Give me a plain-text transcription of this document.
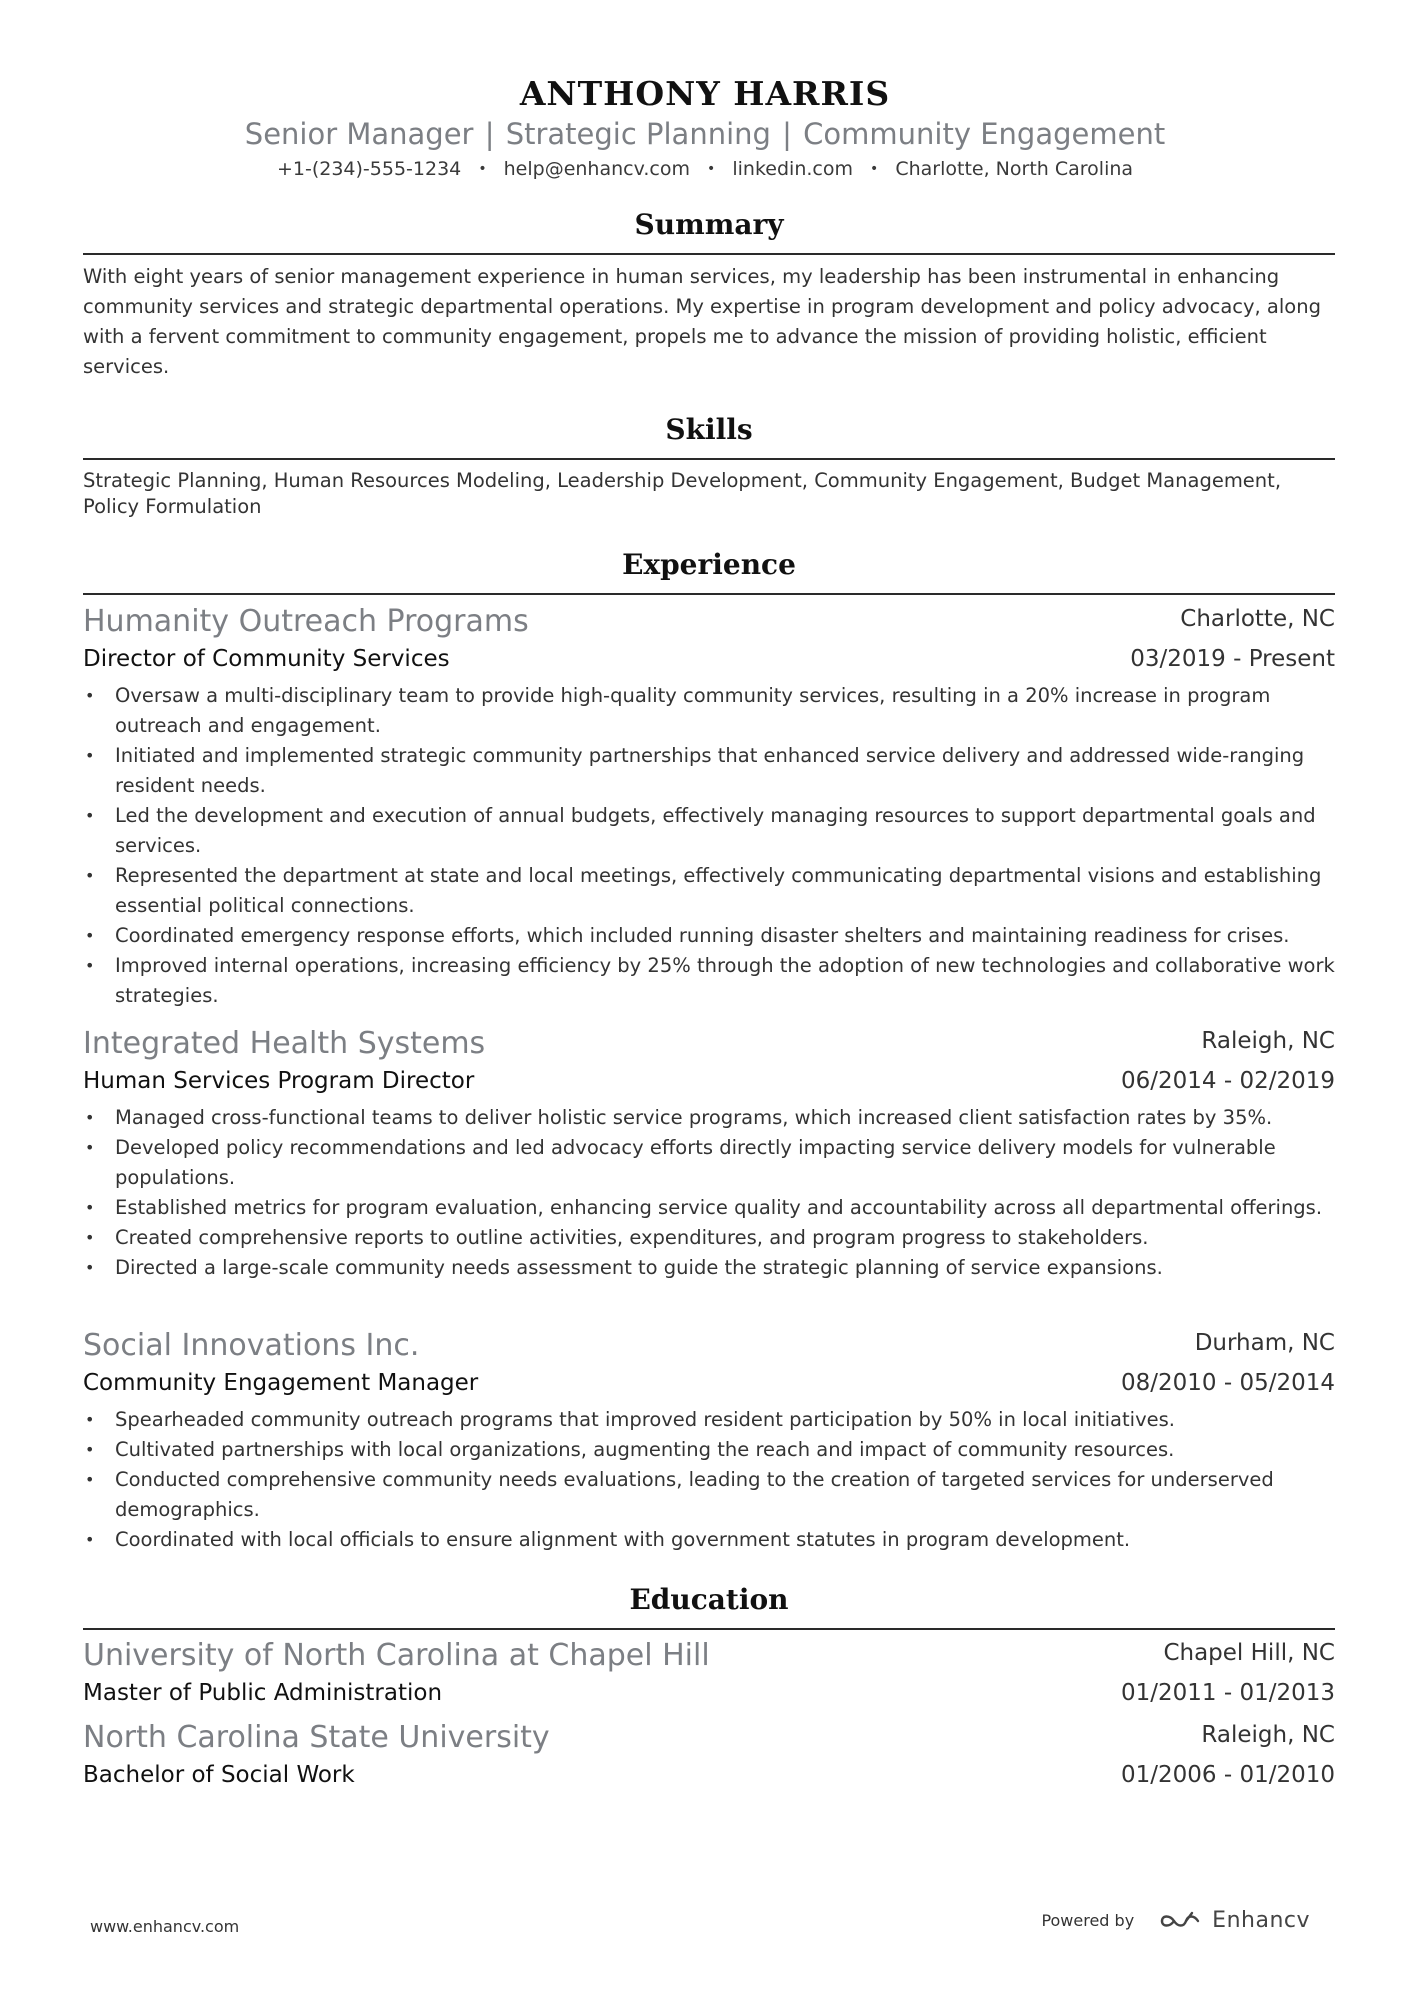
ANTHONY HARRIS
Senior Manager | Strategic Planning | Community Engagement
+1-(234)-555-1234 • help@enhancv.com • linkedin.com • Charlotte, North Carolina
Summary
With eight years of senior management experience in human services, my leadership has been instrumental in enhancing community services and strategic departmental operations. My expertise in program development and policy advocacy, along with a fervent commitment to community engagement, propels me to advance the mission of providing holistic, efficient services.
Skills
Strategic Planning, Human Resources Modeling, Leadership Development, Community Engagement, Budget Management, Policy Formulation
Experience
Humanity Outreach Programs	Charlotte, NC
Director of Community Services	03/2019 - Present
• Oversaw a multi-disciplinary team to provide high-quality community services, resulting in a 20% increase in program outreach and engagement.
• Initiated and implemented strategic community partnerships that enhanced service delivery and addressed wide-ranging resident needs.
• Led the development and execution of annual budgets, effectively managing resources to support departmental goals and services.
• Represented the department at state and local meetings, effectively communicating departmental visions and establishing essential political connections.
• Coordinated emergency response efforts, which included running disaster shelters and maintaining readiness for crises.
• Improved internal operations, increasing efficiency by 25% through the adoption of new technologies and collaborative work strategies.
Integrated Health Systems	Raleigh, NC
Human Services Program Director	06/2014 - 02/2019
• Managed cross-functional teams to deliver holistic service programs, which increased client satisfaction rates by 35%.
• Developed policy recommendations and led advocacy efforts directly impacting service delivery models for vulnerable populations.
• Established metrics for program evaluation, enhancing service quality and accountability across all departmental offerings.
• Created comprehensive reports to outline activities, expenditures, and program progress to stakeholders.
• Directed a large-scale community needs assessment to guide the strategic planning of service expansions.
Social Innovations Inc.	Durham, NC
Community Engagement Manager	08/2010 - 05/2014
• Spearheaded community outreach programs that improved resident participation by 50% in local initiatives.
• Cultivated partnerships with local organizations, augmenting the reach and impact of community resources.
• Conducted comprehensive community needs evaluations, leading to the creation of targeted services for underserved demographics.
• Coordinated with local officials to ensure alignment with government statutes in program development.
Education
University of North Carolina at Chapel Hill	Chapel Hill, NC
Master of Public Administration	01/2011 - 01/2013
North Carolina State University	Raleigh, NC
Bachelor of Social Work	01/2006 - 01/2010
www.enhancv.com	Powered by	Enhancv
